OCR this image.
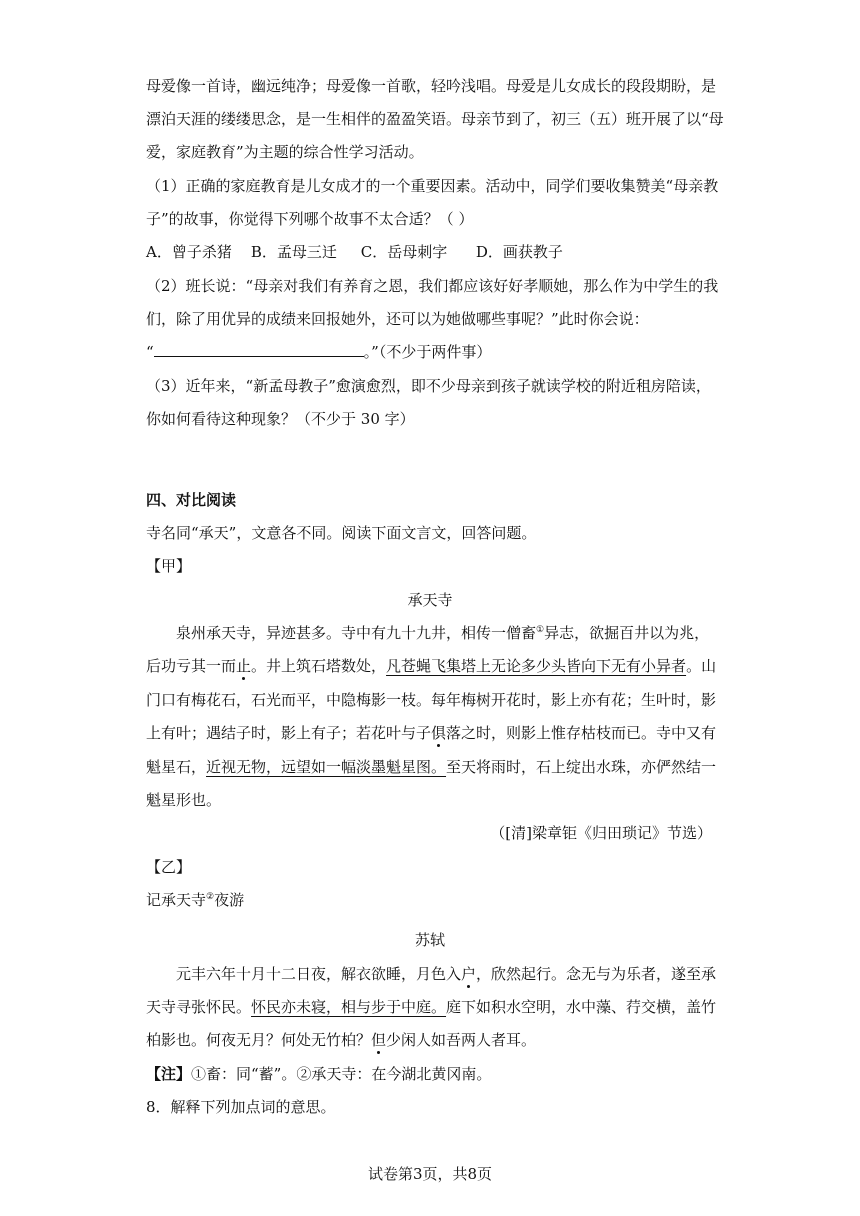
母爱像一首诗，幽远纯净；母爱像一首歌，轻吟浅唱。母爱是儿女成长的段段期盼，是
漂泊天涯的缕缕思念，是一生相伴的盈盈笑语。母亲节到了，初三（五）班开展了以“母
爱，家庭教育”为主题的综合性学习活动。
（1）正确的家庭教育是儿女成才的一个重要因素。活动中，同学们要收集赞美“母亲教
子”的故事，你觉得下列哪个故事不太合适？（ ）
A．曾子杀猪    B．孟母三迁     C．岳母刺字      D．画获教子
（2）班长说：“母亲对我们有养育之恩，我们都应该好好孝顺她，那么作为中学生的我
们，除了用优异的成绩来回报她外，还可以为她做哪些事呢？”此时你会说：
“	。”（不少于两件事）
（3）近年来，“新孟母教子”愈演愈烈，即不少母亲到孩子就读学校的附近租房陪读，
你如何看待这种现象？（不少于 30 字）
四、对比阅读
寺名同“承天”，文意各不同。阅读下面文言文，回答问题。
【甲】
承天寺
泉州承天寺，异迹甚多。寺中有九十九井，相传一僧畜①异志，欲掘百井以为兆，
后功亏其一而止。井上筑石塔数处，凡苍蝇飞集塔上无论多少头皆向下无有小异者。山
门口有梅花石，石光而平，中隐梅影一枝。每年梅树开花时，影上亦有花；生叶时，影
上有叶；遇结子时，影上有子；若花叶与子俱落之时，则影上惟存枯枝而已。寺中又有
魁星石，近视无物，远望如一幅淡墨魁星图。至天将雨时，石上绽出水珠，亦俨然结一
魁星形也。
（[清]梁章钜《归田琐记》节选）
【乙】
记承天寺②夜游
苏轼
元丰六年十月十二日夜，解衣欲睡，月色入户，欣然起行。念无与为乐者，遂至承
天寺寻张怀民。怀民亦未寝，相与步于中庭。庭下如积水空明，水中藻、荇交横，盖竹
柏影也。何夜无月？何处无竹柏？但少闲人如吾两人者耳。
【注】①畜：同“蓄”。②承天寺：在今湖北黄冈南。
8．解释下列加点词的意思。
试卷第3页，共8页
